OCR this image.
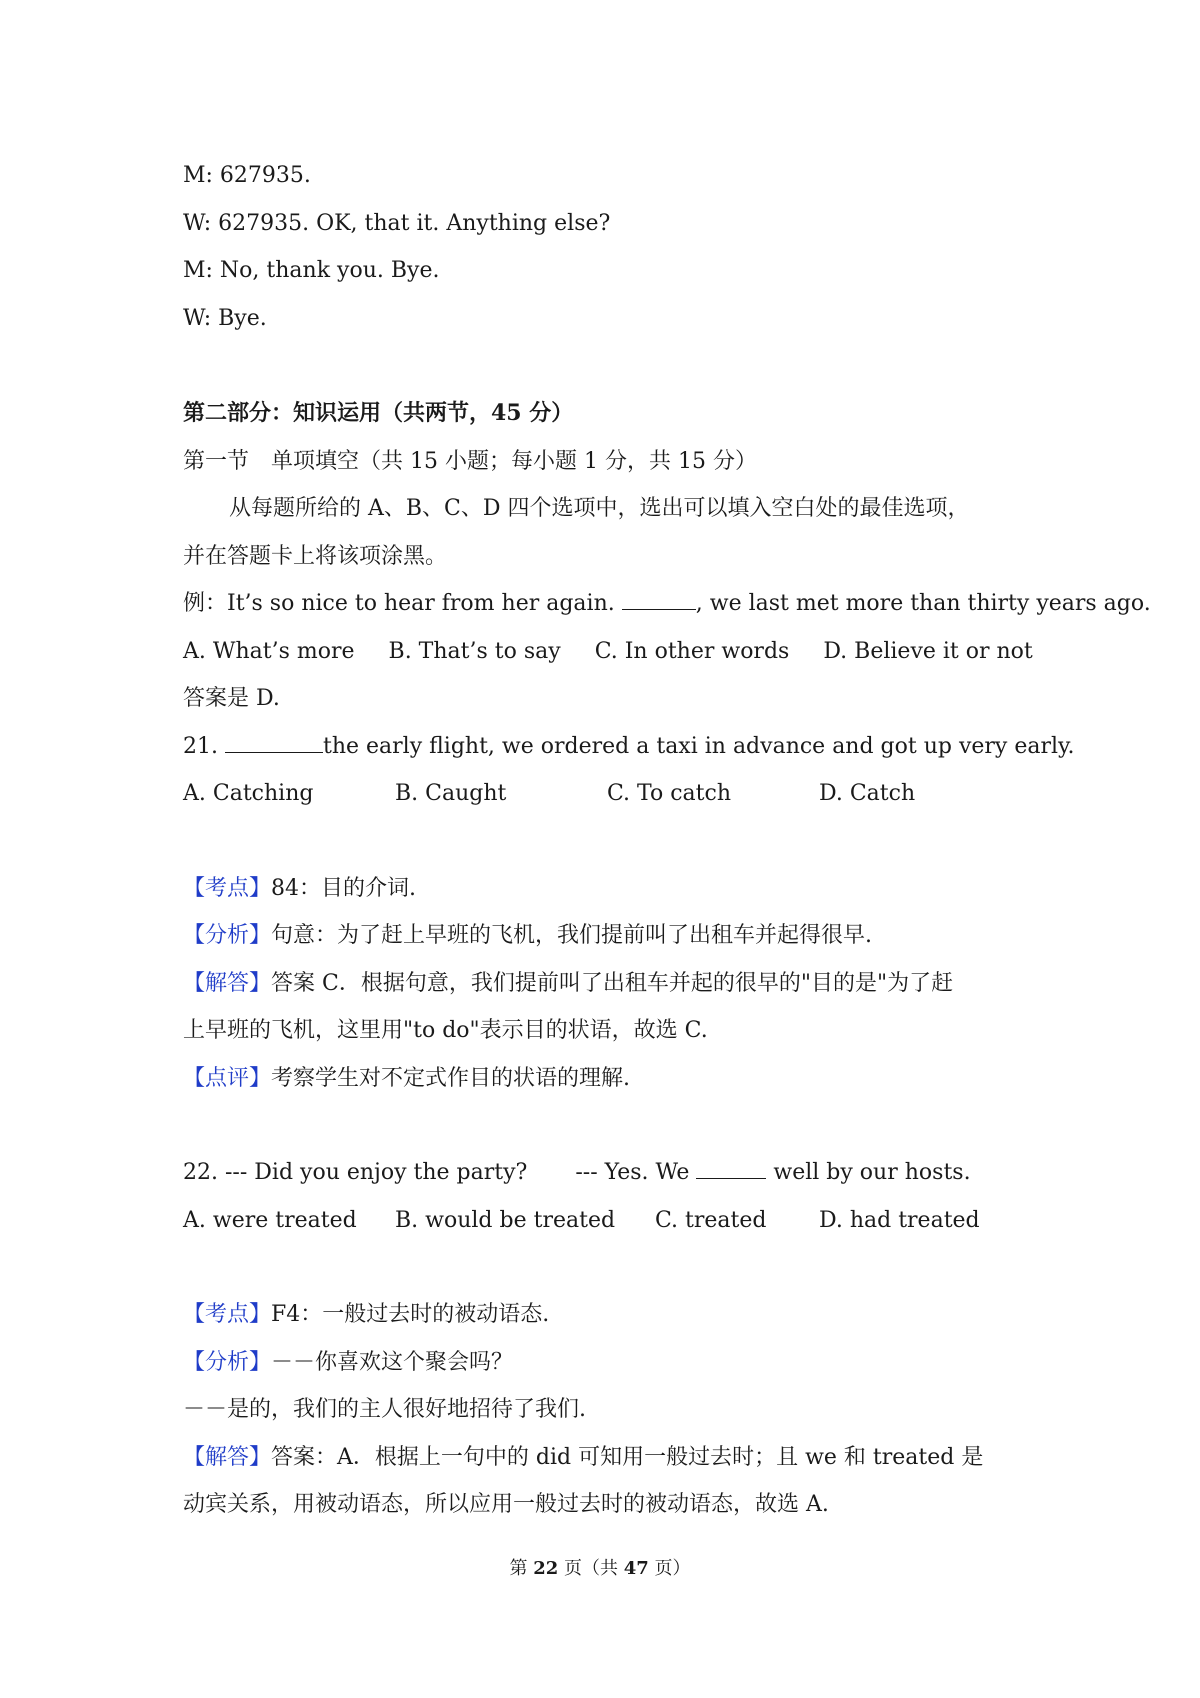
M: 627935.
W: 627935. OK, that it. Anything else?
M: No, thank you. Bye.
W: Bye.
第二部分：知识运用（共两节，45 分）
第一节　单项填空（共 15 小题；每小题 1 分，共 15 分）
从每题所给的 A、B、C、D 四个选项中，选出可以填入空白处的最佳选项，
并在答题卡上将该项涂黑。
例：It’s so nice to hear from her again.	, we last met more than thirty years ago.
A. What’s more B. That’s to say C. In other words D. Believe it or not
答案是 D.
21.	the early flight, we ordered a taxi in advance and got up very early.
A. Catching	B. Caught	C. To catch	D. Catch
【考点】84：目的介词.
【分析】句意：为了赶上早班的飞机，我们提前叫了出租车并起得很早.
【解答】答案 C．根据句意，我们提前叫了出租车并起的很早的"目的是"为了赶
上早班的飞机，这里用"to do"表示目的状语，故选 C.
【点评】考察学生对不定式作目的状语的理解.
22. --- Did you enjoy the party? --- Yes. We	well by our hosts.
A. were treated B. would be treated C. treated D. had treated
【考点】F4：一般过去时的被动语态.
【分析】－－你喜欢这个聚会吗？
－－是的，我们的主人很好地招待了我们.
【解答】答案：A．根据上一句中的 did 可知用一般过去时；且 we 和 treated 是
动宾关系，用被动语态，所以应用一般过去时的被动语态，故选 A.
第 22 页（共 47 页）
